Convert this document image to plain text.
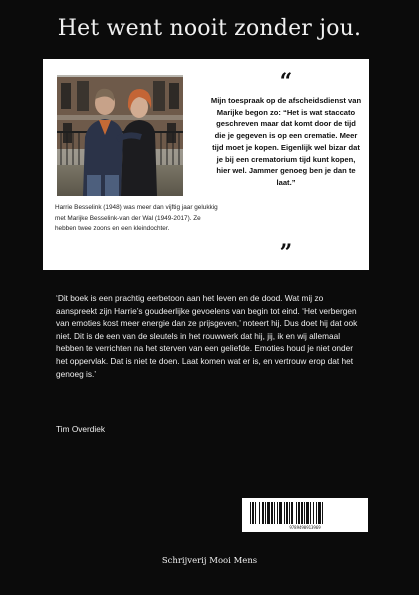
Het went nooit zonder jou.
Harrie Besselink (1948) was meer dan vijftig jaar gelukkig met Marijke Besselink-van der Wal (1949-2017). Ze hebben twee zoons en een kleindochter.
“
Mijn toespraak op de afscheidsdienst van Marijke begon zo: “Het is wat staccato geschreven maar dat komt door de tijd die je gegeven is op een crematie. Meer tijd moet je kopen. Eigenlijk wel bizar dat je bij een crematorium tijd kunt kopen, hier wel. Jammer genoeg ben je dan te laat.”
”
‘Dit boek is een prachtig eerbetoon aan het leven en de dood. Wat mij zo aanspreekt zijn Harrie’s goudeerlijke gevoelens van begin tot eind. ‘Het verbergen van emoties kost meer energie dan ze prijsgeven,’ noteert hij. Dus doet hij dat ook niet. Dit is de een van de sleutels in het rouwwerk dat hij, jij, ik en wij allemaal hebben te verrichten na het sterven van een geliefde. Emoties houd je niet onder het oppervlak. Dat is niet te doen. Laat komen wat er is, en vertrouw erop dat het genoeg is.’
Tim Overdiek
9789490913969
Schrijverij Mooi Mens
